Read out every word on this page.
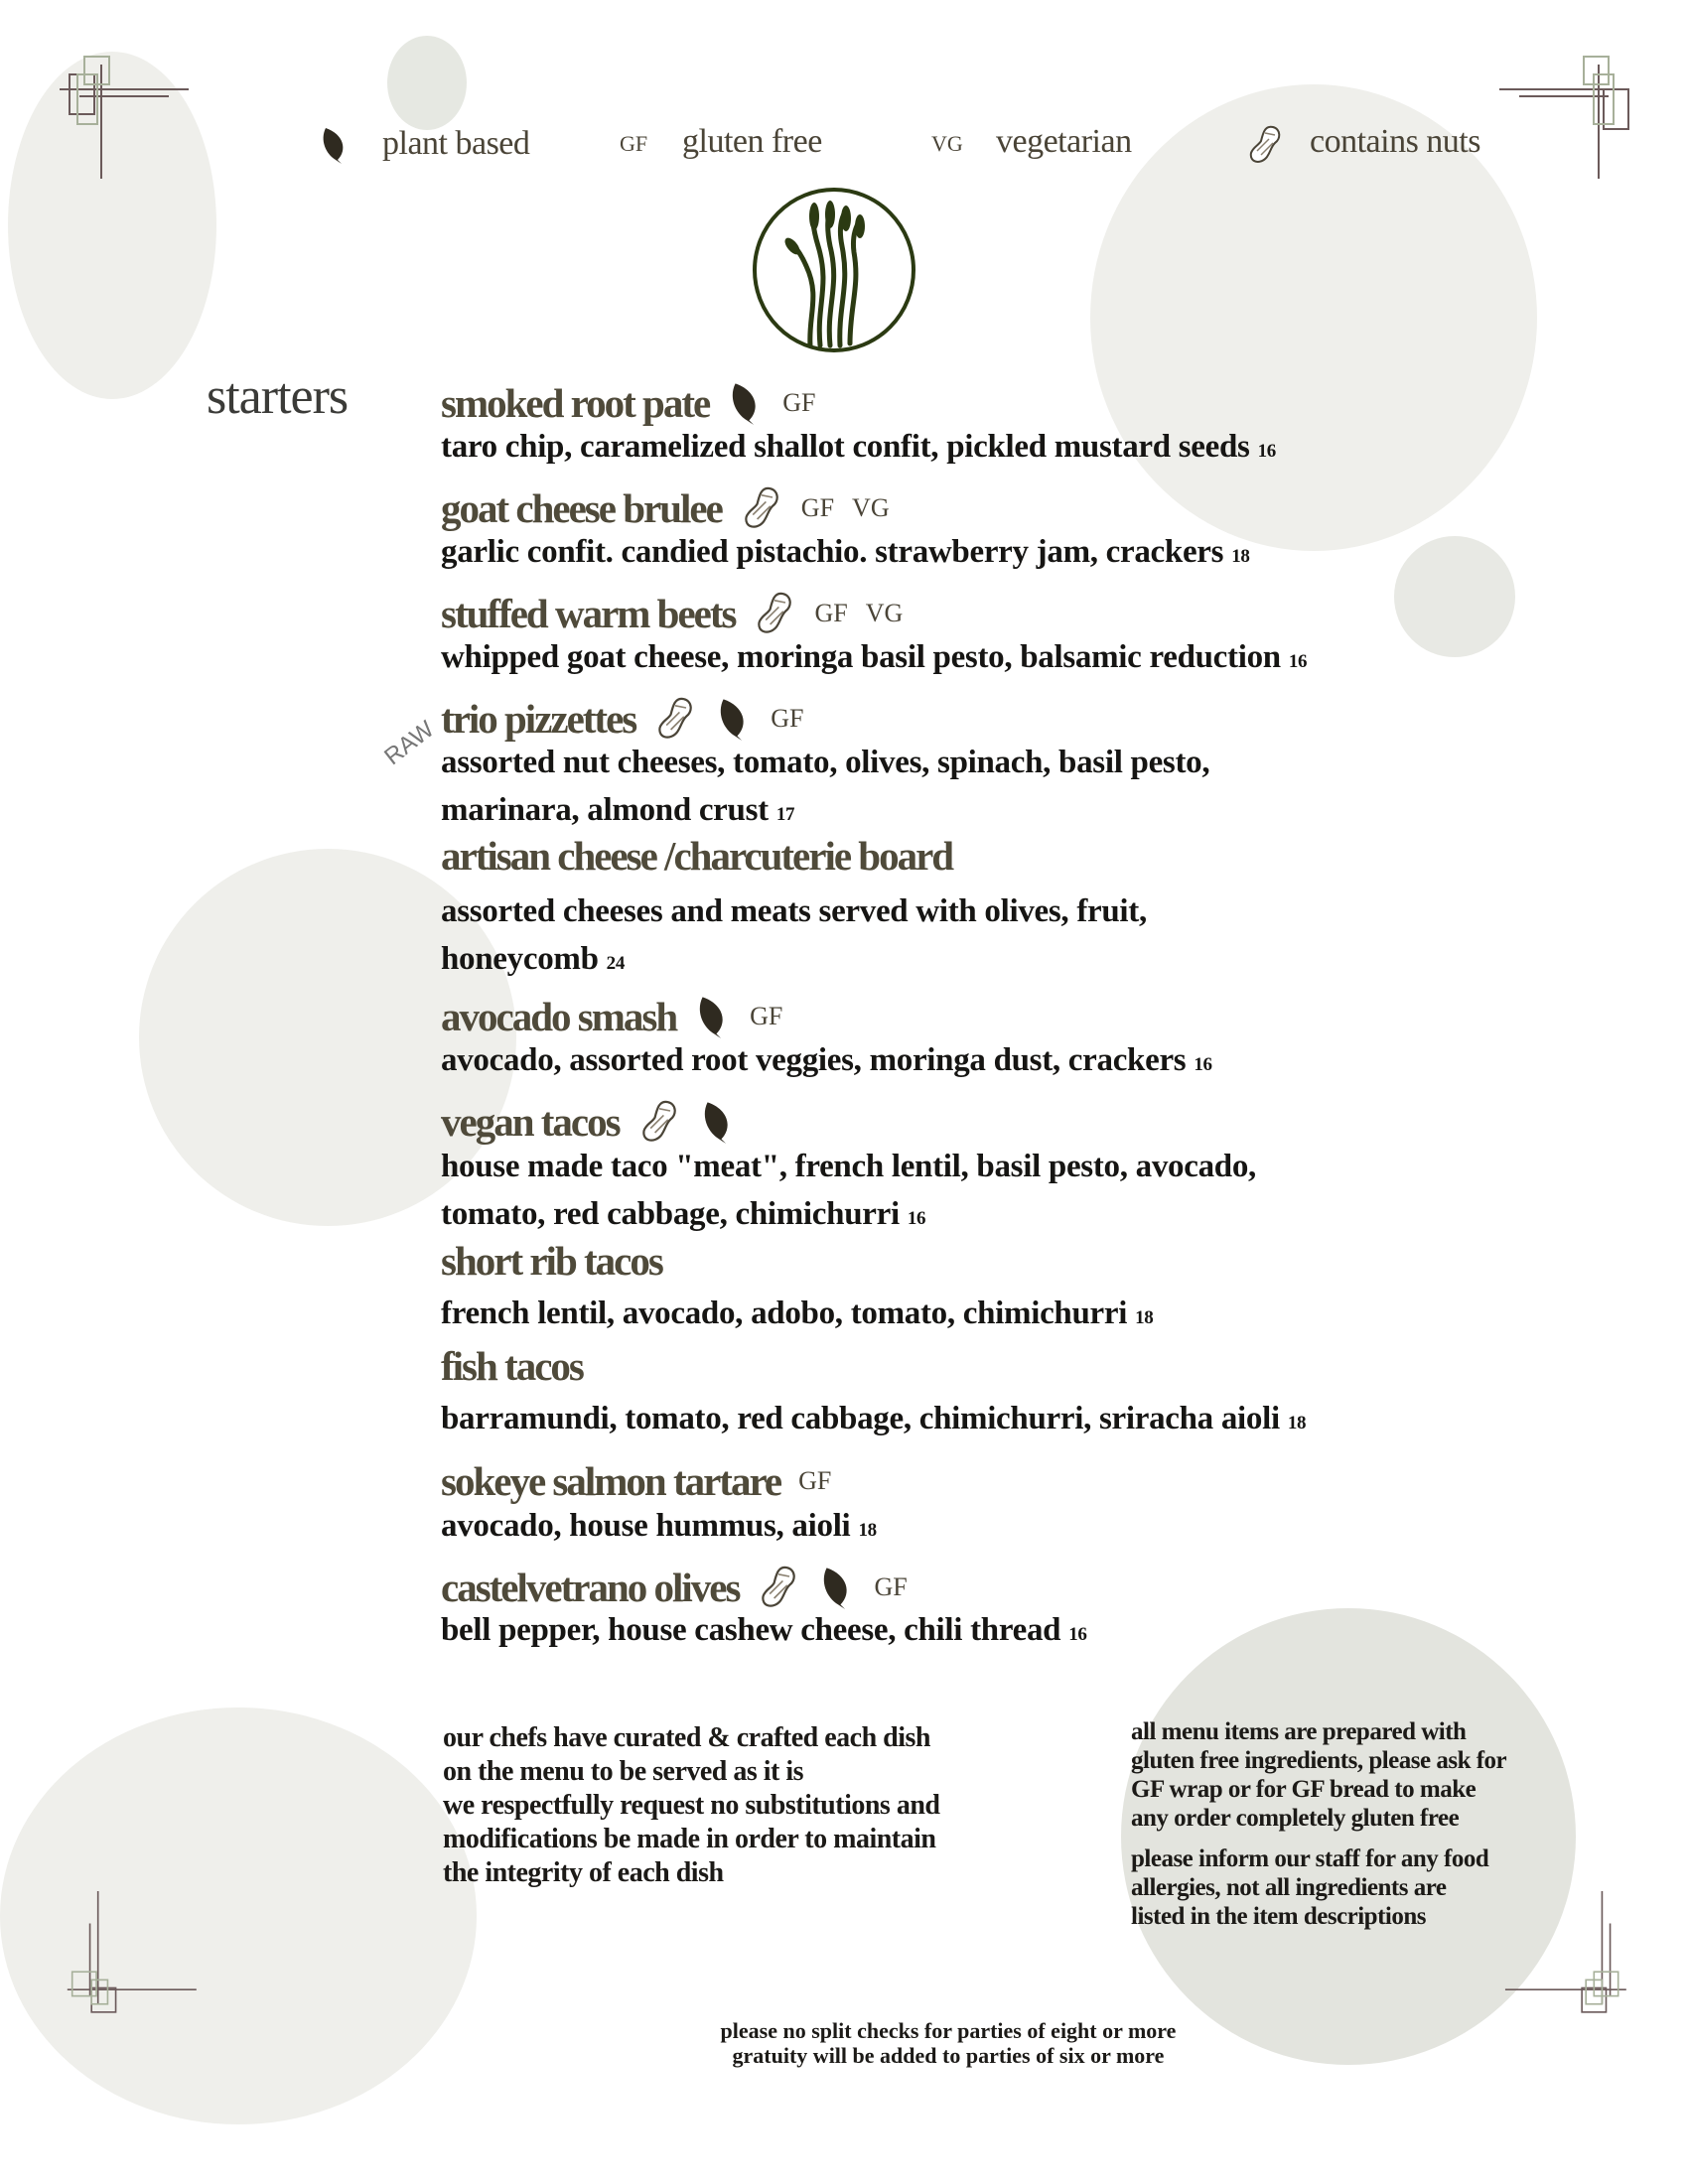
plant based	GF gluten free	VG vegetarian	contains nuts
starters
RAW
smoked root pate	GF
taro chip, caramelized shallot confit, pickled mustard seeds 16
goat cheese brulee	GF VG
garlic confit. candied pistachio. strawberry jam, crackers 18
stuffed warm beets	GF VG
whipped goat cheese, moringa basil pesto, balsamic reduction 16
trio pizzettes	GF
assorted nut cheeses, tomato, olives, spinach, basil pesto,
marinara, almond crust 17
artisan cheese /charcuterie board
assorted cheeses and meats served with olives, fruit,
honeycomb 24
avocado smash	GF
avocado, assorted root veggies, moringa dust, crackers 16
vegan tacos
house made taco "meat", french lentil, basil pesto, avocado,
tomato, red cabbage, chimichurri 16
short rib tacos
french lentil, avocado, adobo, tomato, chimichurri 18
fish tacos
barramundi, tomato, red cabbage, chimichurri, sriracha aioli 18
sokeye salmon tartare GF
avocado, house hummus, aioli 18
castelvetrano olives	GF
bell pepper, house cashew cheese, chili thread 16
our chefs have curated & crafted each dish
on the menu to be served as it is
we respectfully request no substitutions and
modifications be made in order to maintain
the integrity of each dish
all menu items are prepared with
gluten free ingredients, please ask for
GF wrap or for GF bread to make
any order completely gluten free
please inform our staff for any food
allergies, not all ingredients are
listed in the item descriptions
please no split checks for parties of eight or more
gratuity will be added to parties of six or more
